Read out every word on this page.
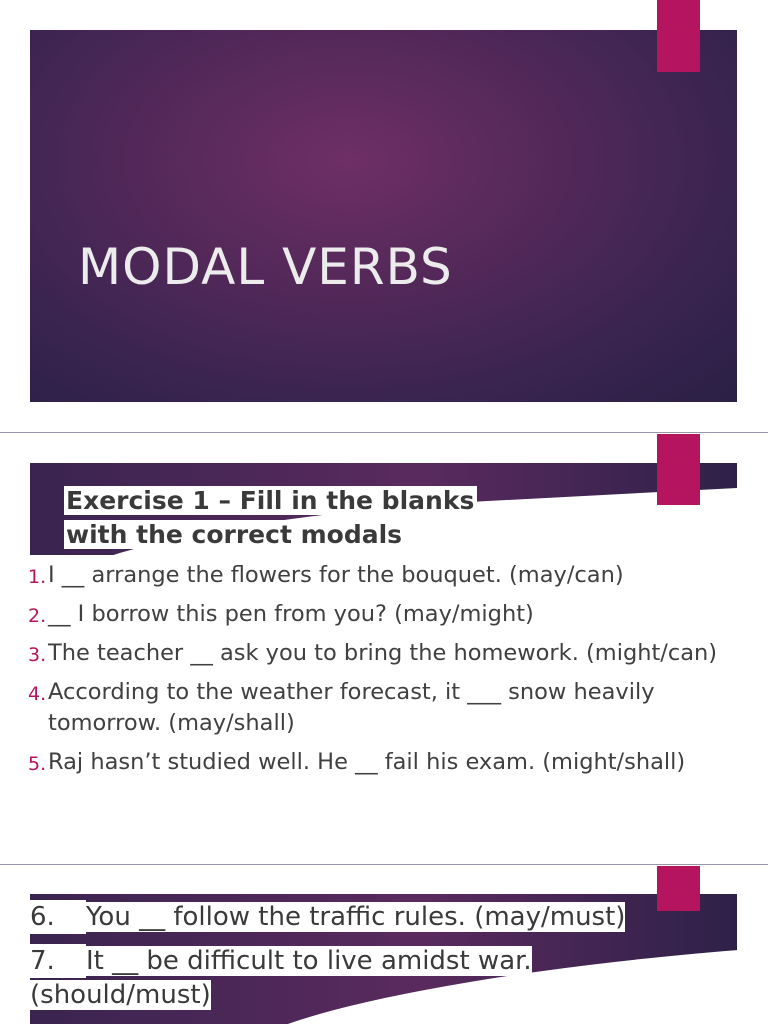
MODAL VERBS
Exercise 1 – Fill in the blanks
with the correct modals
1. I __ arrange the flowers for the bouquet. (may/can)
2. __ I borrow this pen from you? (may/might)
3. The teacher __ ask you to bring the homework. (might/can)
4. According to the weather forecast, it ___ snow heavily tomorrow. (may/shall)
5. Raj hasn’t studied well. He __ fail his exam. (might/shall)
6. You __ follow the traffic rules. (may/must)
7. It __ be difficult to live amidst war.
(should/must)
